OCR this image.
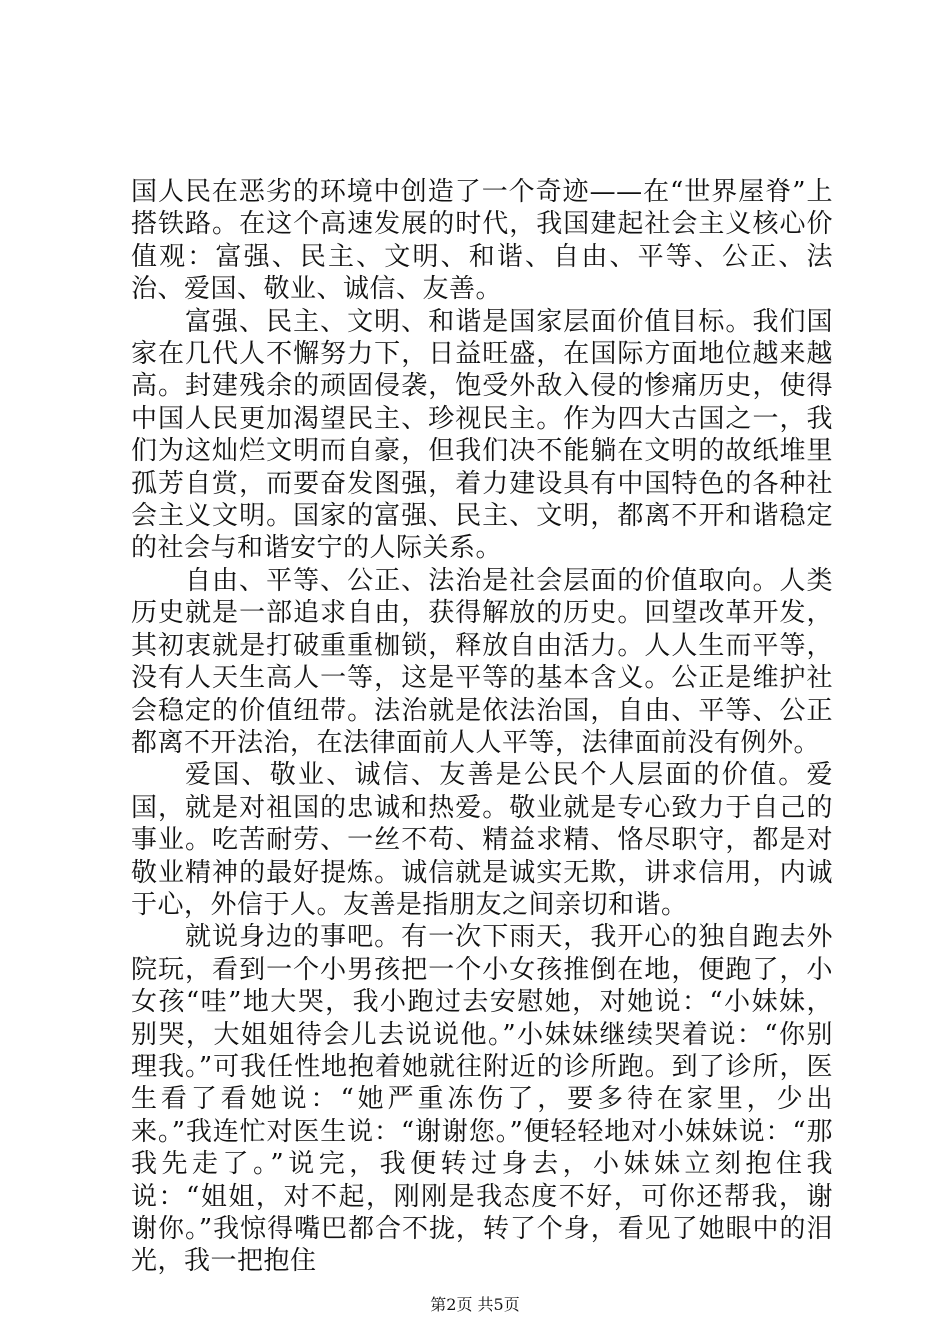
国人民在恶劣的环境中创造了一个奇迹——在“世界屋脊”上搭铁路。在这个高速发展的时代，我国建起社会主义核心价值观：富强、民主、文明、和谐、自由、平等、公正、法治、爱国、敬业、诚信、友善。

富强、民主、文明、和谐是国家层面价值目标。我们国家在几代人不懈努力下，日益旺盛，在国际方面地位越来越高。封建残余的顽固侵袭，饱受外敌入侵的惨痛历史，使得中国人民更加渴望民主、珍视民主。作为四大古国之一，我们为这灿烂文明而自豪，但我们决不能躺在文明的故纸堆里孤芳自赏，而要奋发图强，着力建设具有中国特色的各种社会主义文明。国家的富强、民主、文明，都离不开和谐稳定的社会与和谐安宁的人际关系。

自由、平等、公正、法治是社会层面的价值取向。人类历史就是一部追求自由，获得解放的历史。回望改革开发，其初衷就是打破重重枷锁，释放自由活力。人人生而平等，没有人天生高人一等，这是平等的基本含义。公正是维护社会稳定的价值纽带。法治就是依法治国，自由、平等、公正都离不开法治，在法律面前人人平等，法律面前没有例外。

爱国、敬业、诚信、友善是公民个人层面的价值。爱国，就是对祖国的忠诚和热爱。敬业就是专心致力于自己的事业。吃苦耐劳、一丝不苟、精益求精、恪尽职守，都是对敬业精神的最好提炼。诚信就是诚实无欺，讲求信用，内诚于心，外信于人。友善是指朋友之间亲切和谐。

就说身边的事吧。有一次下雨天，我开心的独自跑去外院玩，看到一个小男孩把一个小女孩推倒在地，便跑了，小女孩“哇”地大哭，我小跑过去安慰她，对她说：“小妹妹，别哭，大姐姐待会儿去说说他。”小妹妹继续哭着说：“你别理我。”可我任性地抱着她就往附近的诊所跑。到了诊所，医生看了看她说：“她严重冻伤了，要多待在家里，少出来。”我连忙对医生说：“谢谢您。”便轻轻地对小妹妹说：“那我先走了。”说完，我便转过身去，小妹妹立刻抱住我说：“姐姐，对不起，刚刚是我态度不好，可你还帮我，谢谢你。”我惊得嘴巴都合不拢，转了个身，看见了她眼中的泪光，我一把抱住

第2页 共5页
